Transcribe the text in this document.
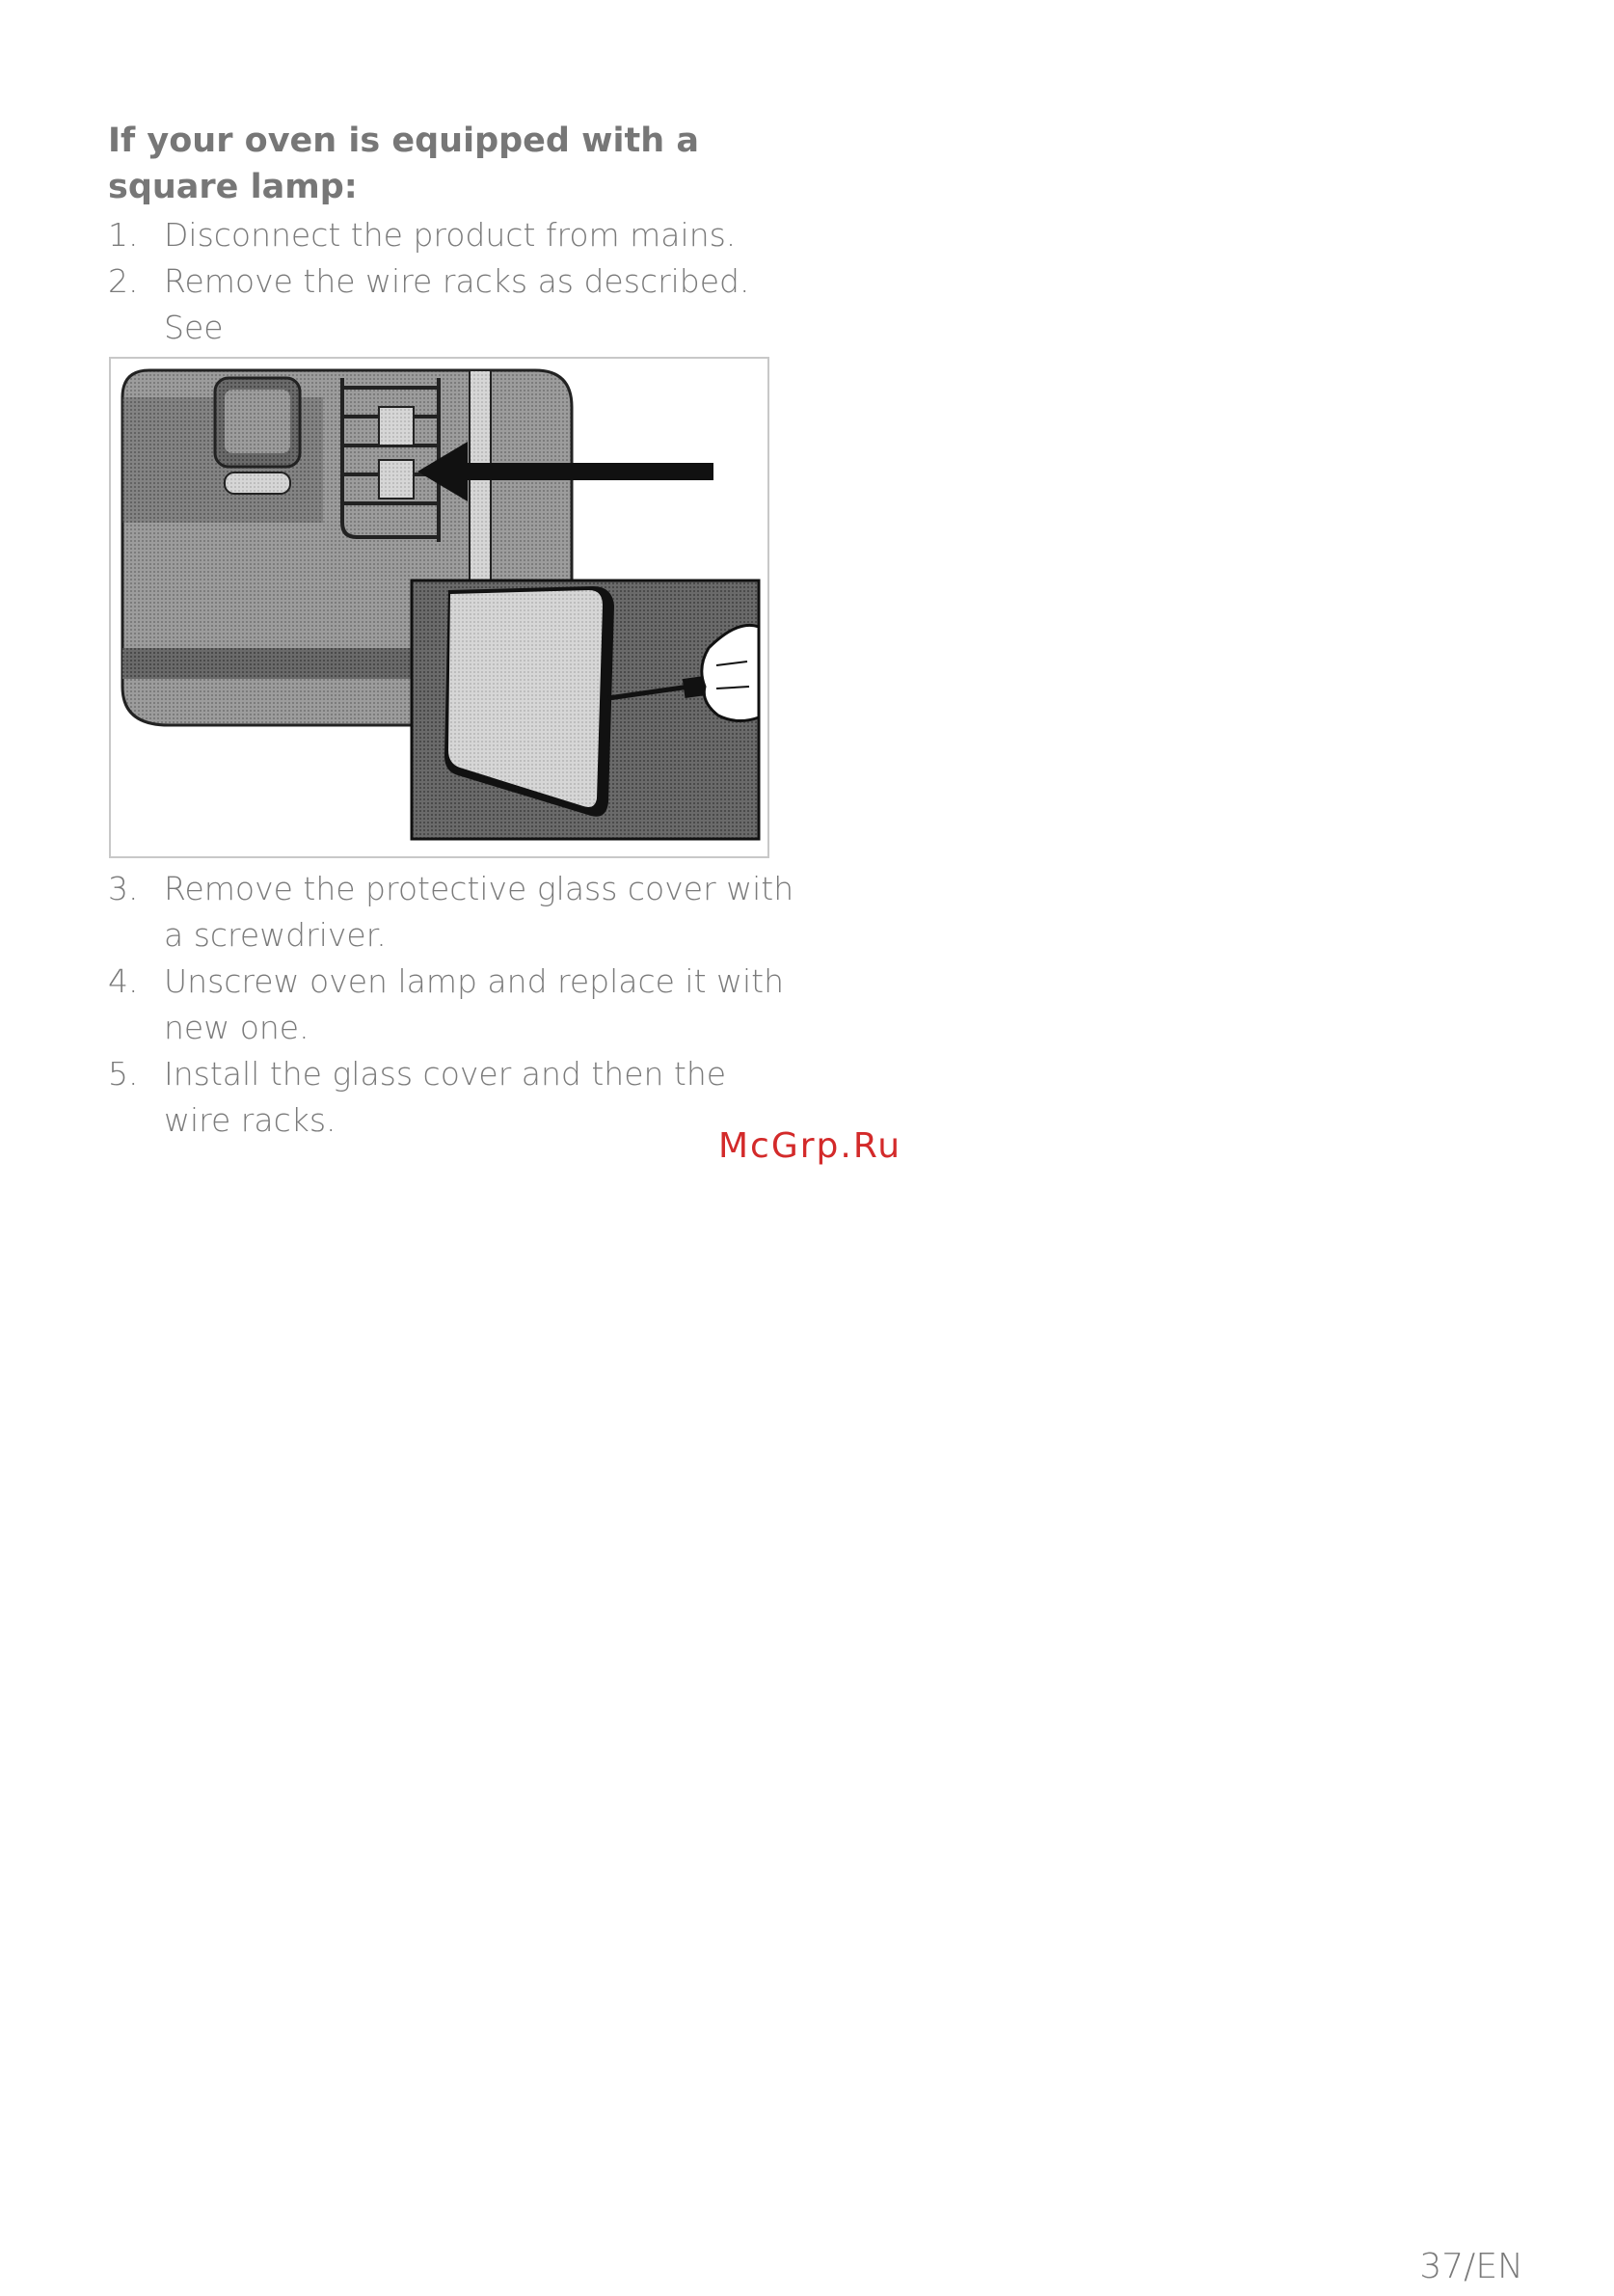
If your oven is equipped with a square lamp:
1. Disconnect the product from mains.
2. Remove the wire racks as described. See

3. Remove the protective glass cover with a screwdriver.
4. Unscrew oven lamp and replace it with new one.
5. Install the glass cover and then the wire racks.
McGrp.Ru
37/EN
